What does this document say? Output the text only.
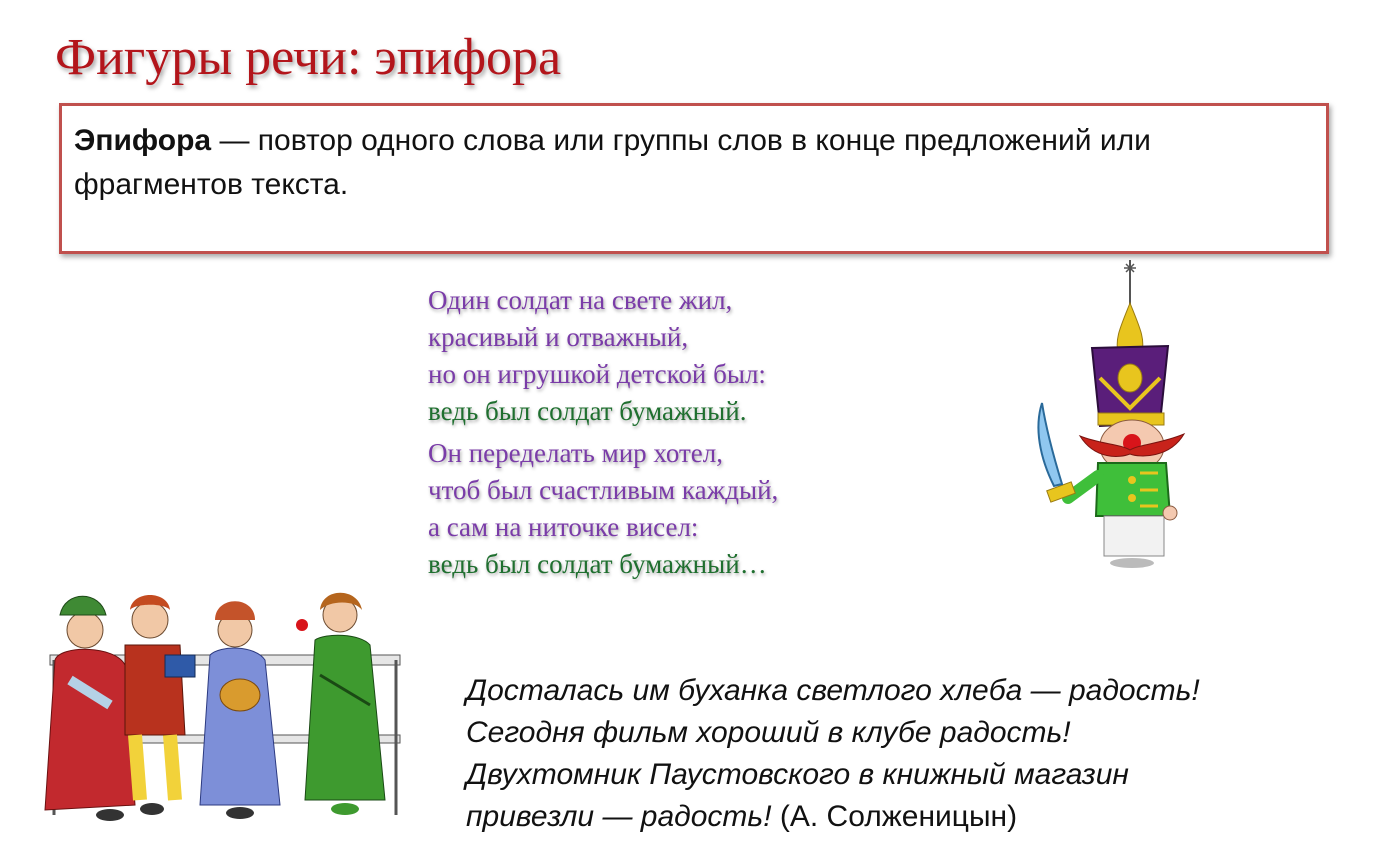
Фигуры речи: эпифора
Эпифора — повтор одного слова или группы слов в конце предложений или фрагментов текста.
Один солдат на свете жил,
красивый и отважный,
но он игрушкой детской был:
ведь был солдат бумажный.
Он переделать мир хотел,
чтоб был счастливым каждый,
а сам на ниточке висел:
ведь был солдат бумажный…
Досталась им буханка светлого хлеба — радость!
Сегодня фильм хороший в клубе радость!
Двухтомник Паустовского в книжный магазин
привезли — радость! (А. Солженицын)
